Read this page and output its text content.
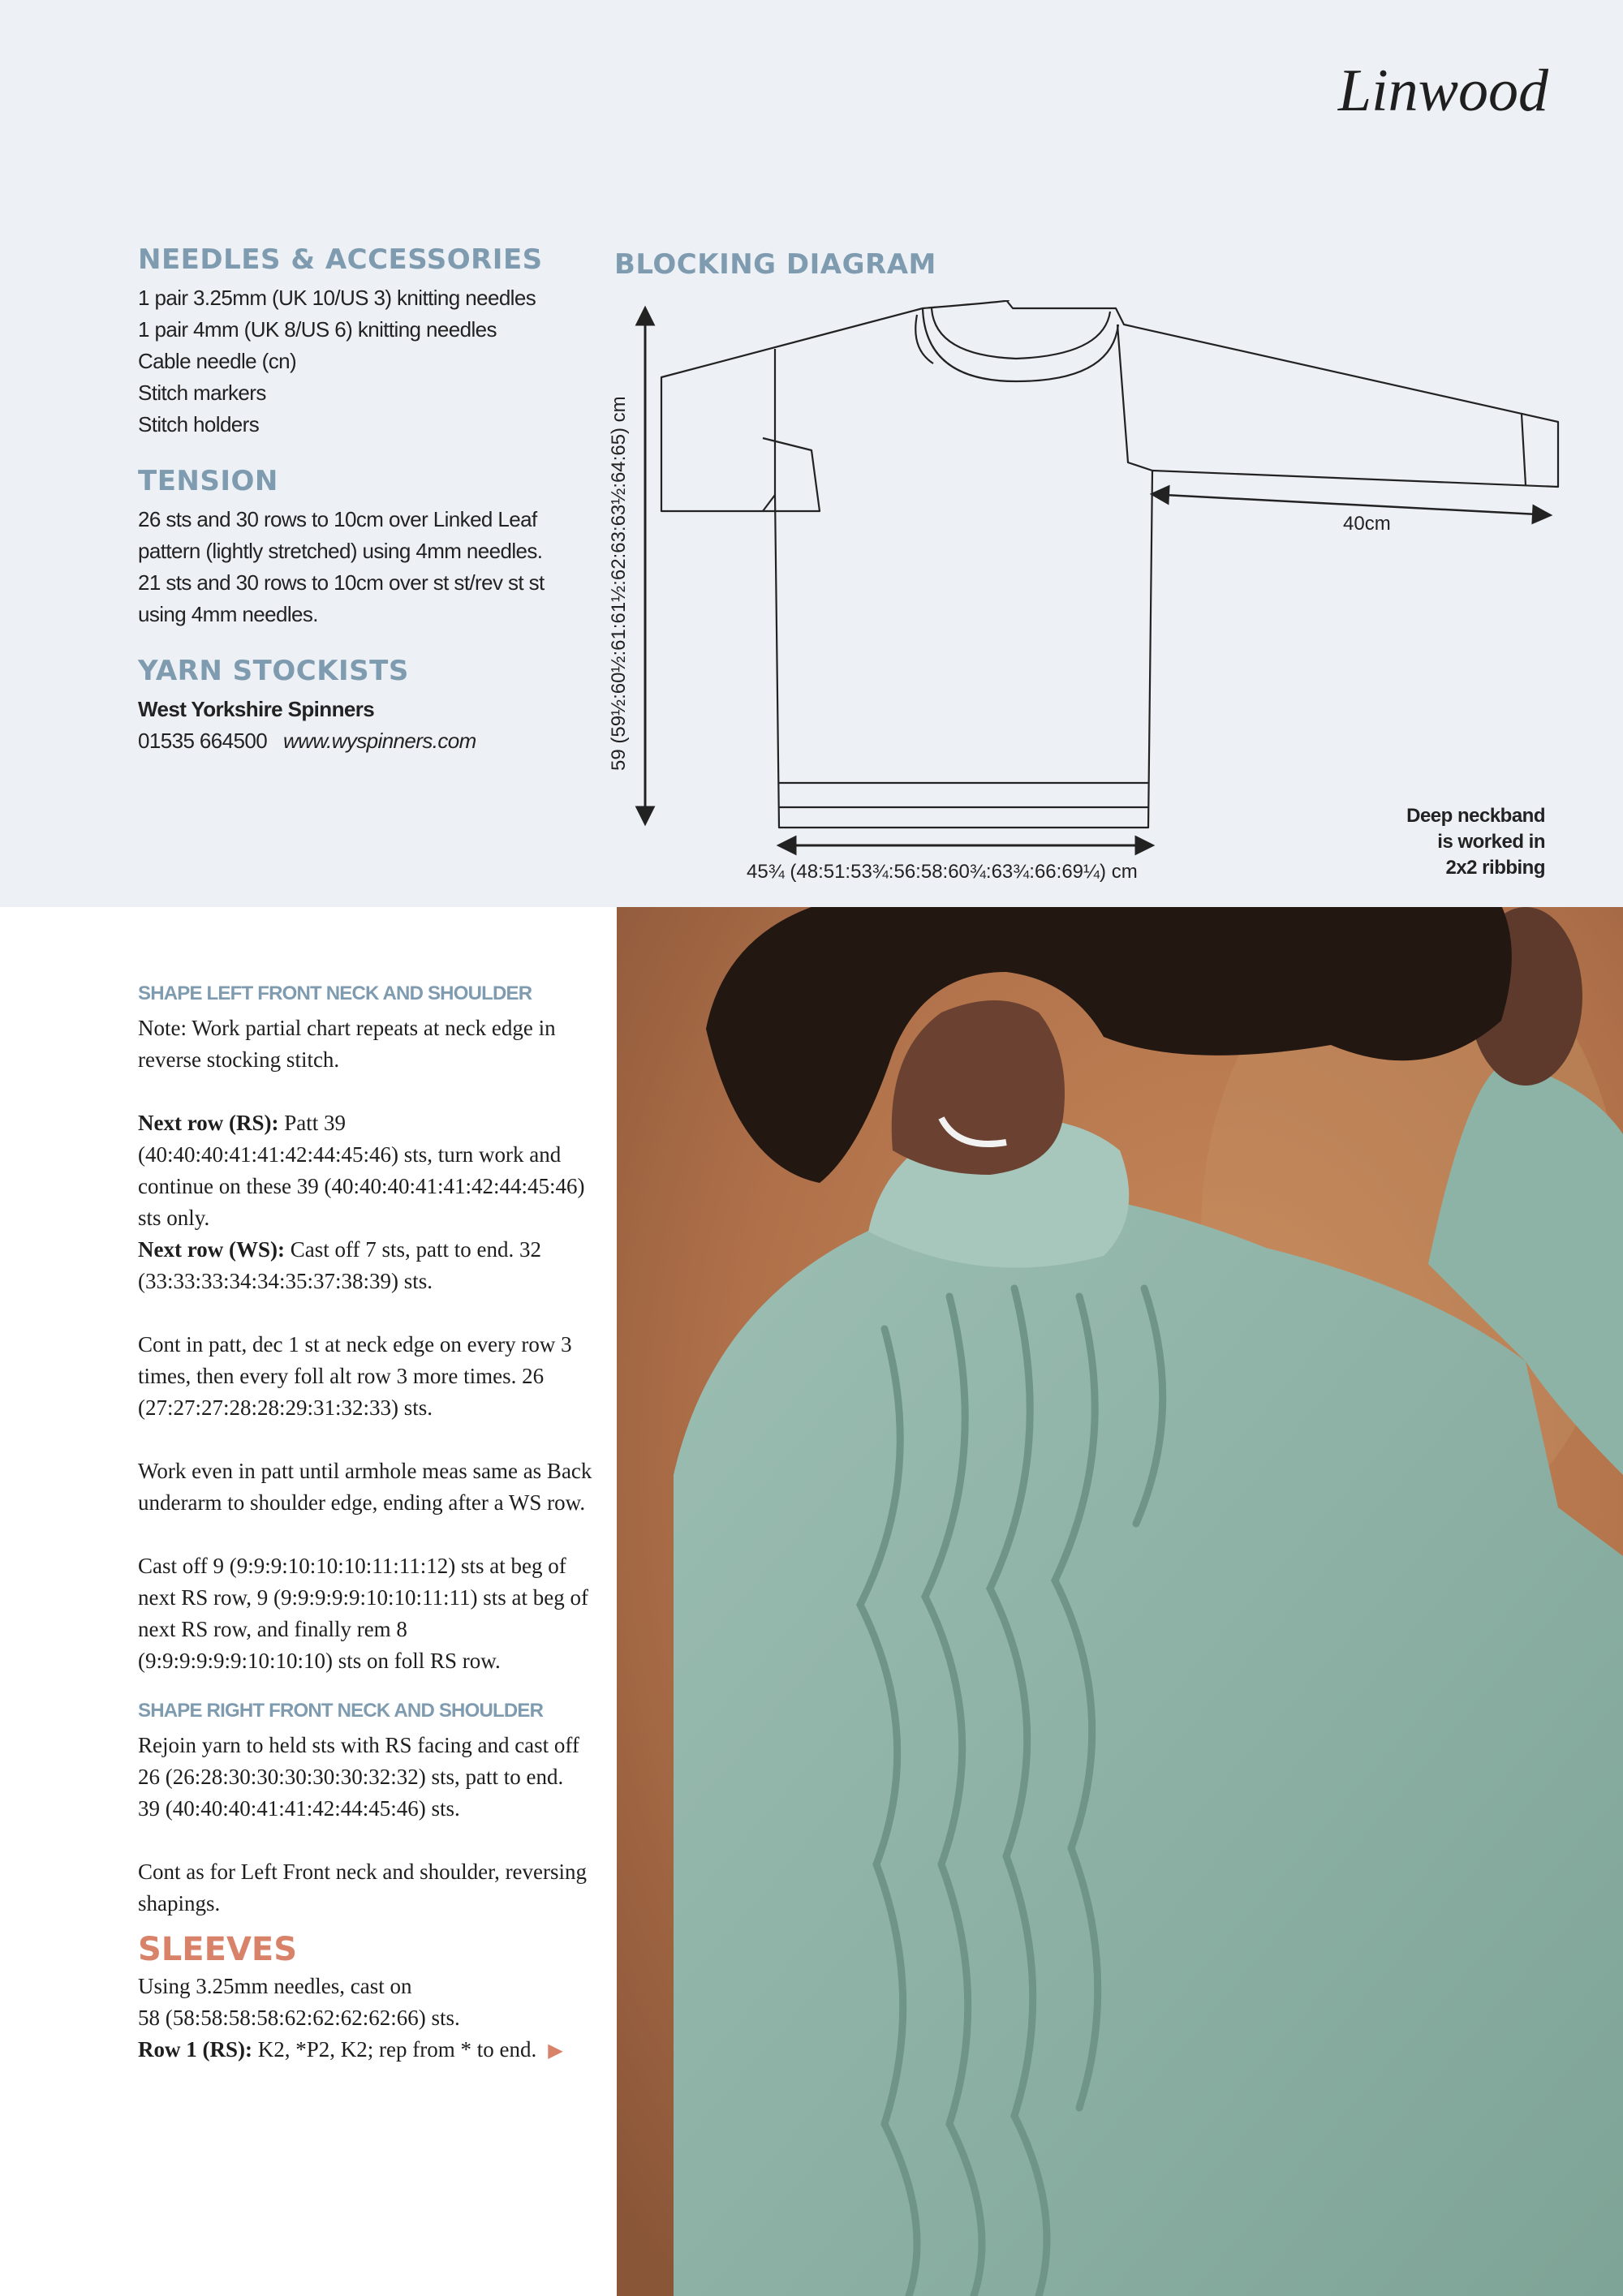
Linwood
NEEDLES & ACCESSORIES

1 pair 3.25mm (UK 10/US 3) knitting needles

1 pair 4mm (UK 8/US 6) knitting needles

Cable needle (cn)

Stitch markers

Stitch holders

TENSION

26 sts and 30 rows to 10cm over Linked Leaf pattern (lightly stretched) using 4mm needles.

21 sts and 30 rows to 10cm over st st/rev st st using 4mm needles.

YARN STOCKISTS

West Yorkshire Spinners

01535 664500 www.wyspinners.com

BLOCKING DIAGRAM
40cm
59 (59½:60½:61:61½:62:63:63½:64:65) cm
45¾ (48:51:53¾:56:58:60¾:63¾:66:69¼) cm
Deep neckband
is worked in
2x2 ribbing
SHAPE LEFT FRONT NECK AND SHOULDER

Note: Work partial chart repeats at neck edge in reverse stocking stitch.

Next row (RS): Patt 39 (40:40:40:41:41:42:44:45:46) sts, turn work and continue on these 39 (40:40:40:41:41:42:44:45:46) sts only.

Next row (WS): Cast off 7 sts, patt to end. 32 (33:33:33:34:34:35:37:38:39) sts.

Cont in patt, dec 1 st at neck edge on every row 3 times, then every foll alt row 3 more times. 26 (27:27:27:28:28:29:31:32:33) sts.

Work even in patt until armhole meas same as Back underarm to shoulder edge, ending after a WS row.

Cast off 9 (9:9:9:10:10:10:11:11:12) sts at beg of next RS row, 9 (9:9:9:9:9:10:10:11:11) sts at beg of next RS row, and finally rem 8 (9:9:9:9:9:9:10:10:10) sts on foll RS row.

SHAPE RIGHT FRONT NECK AND SHOULDER

Rejoin yarn to held sts with RS facing and cast off 26 (26:28:30:30:30:30:30:32:32) sts, patt to end.

39 (40:40:40:41:41:42:44:45:46) sts.

Cont as for Left Front neck and shoulder, reversing shapings.

SLEEVES

Using 3.25mm needles, cast on

58 (58:58:58:58:62:62:62:62:66) sts.

Row 1 (RS): K2, *P2, K2; rep from * to end. ▶
